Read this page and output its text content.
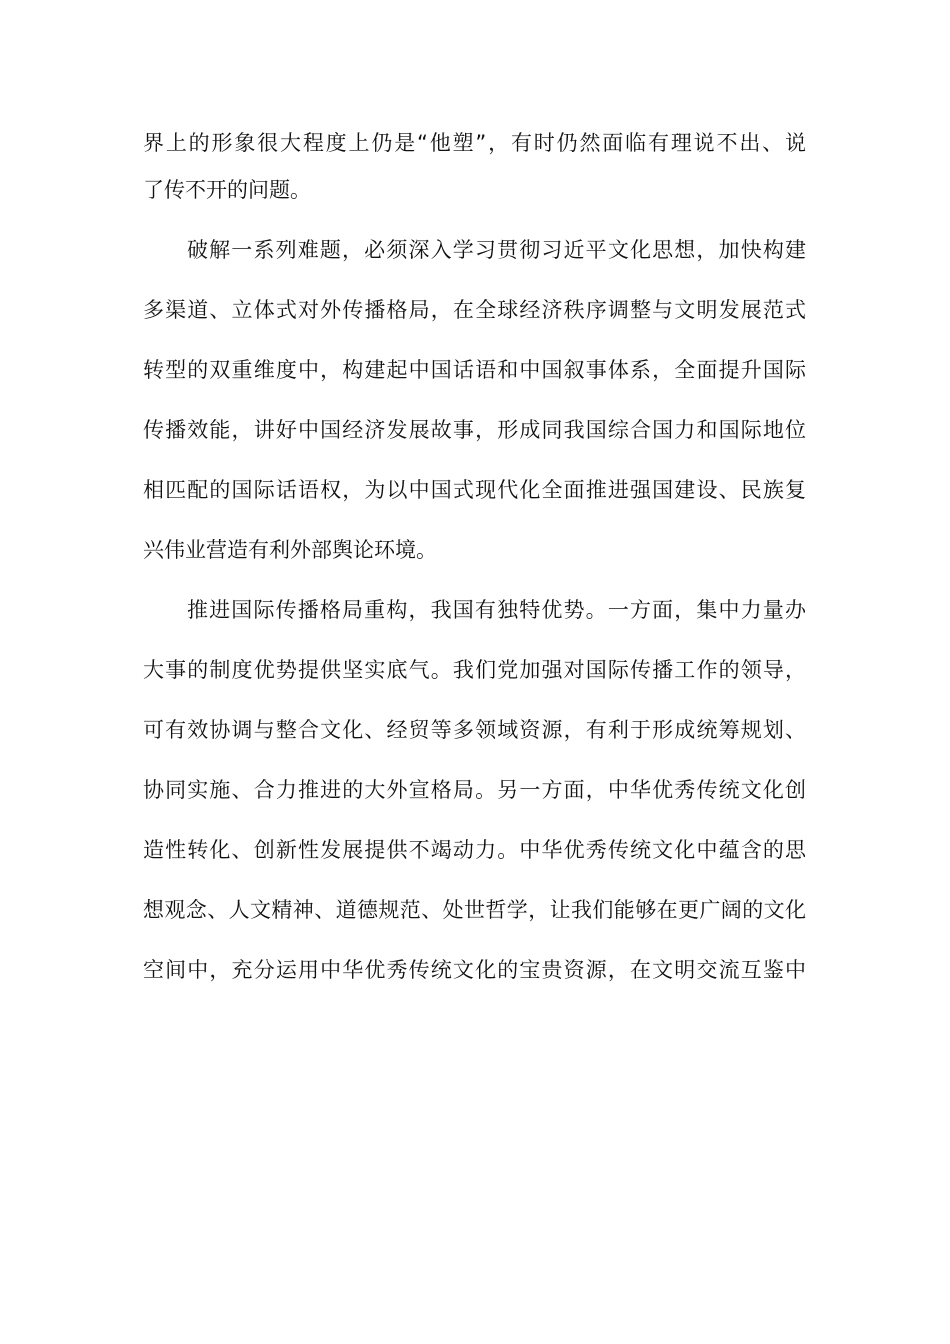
界上的形象很大程度上仍是“他塑”，有时仍然面临有理说不出、说
了传不开的问题。
破解一系列难题，必须深入学习贯彻习近平文化思想，加快构建
多渠道、立体式对外传播格局，在全球经济秩序调整与文明发展范式
转型的双重维度中，构建起中国话语和中国叙事体系，全面提升国际
传播效能，讲好中国经济发展故事，形成同我国综合国力和国际地位
相匹配的国际话语权，为以中国式现代化全面推进强国建设、民族复
兴伟业营造有利外部舆论环境。
推进国际传播格局重构，我国有独特优势。一方面，集中力量办
大事的制度优势提供坚实底气。我们党加强对国际传播工作的领导，
可有效协调与整合文化、经贸等多领域资源，有利于形成统筹规划、
协同实施、合力推进的大外宣格局。另一方面，中华优秀传统文化创
造性转化、创新性发展提供不竭动力。中华优秀传统文化中蕴含的思
想观念、人文精神、道德规范、处世哲学，让我们能够在更广阔的文化
空间中，充分运用中华优秀传统文化的宝贵资源，在文明交流互鉴中
